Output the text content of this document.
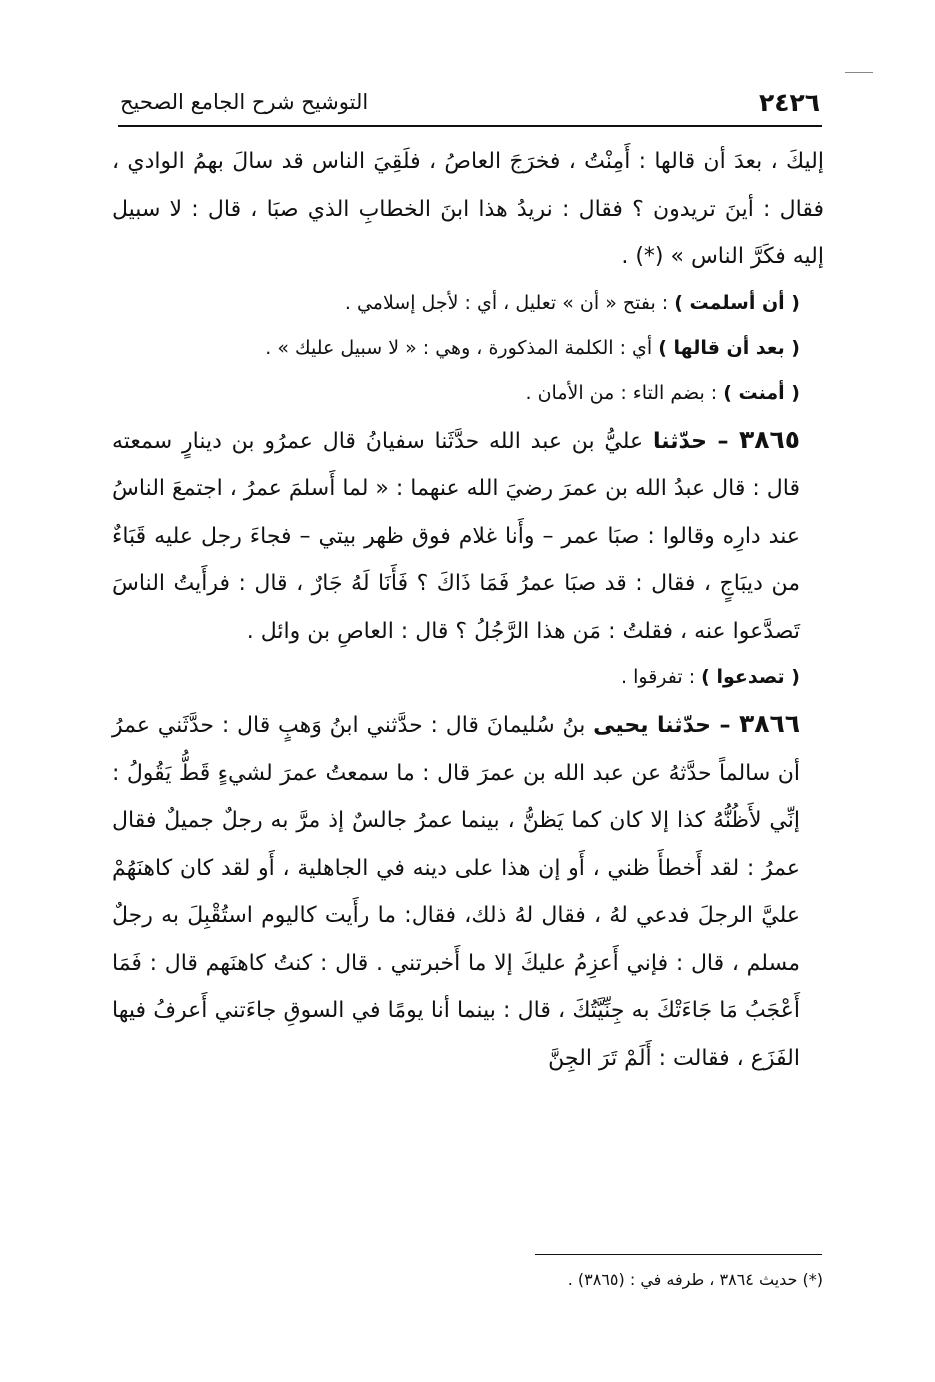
٢٤٢٦
التوشيح شرح الجامع الصحيح

إليكَ ، بعدَ أن قالها : أَمِنْتُ ، فخرَجَ العاصُ ، فلَقِيَ الناس قد سالَ بهمُ الوادي ، فقال : أينَ تريدون ؟ فقال : نريدُ هذا ابنَ الخطابِ الذي صبَا ، قال : لا سبيل إليه فكَرَّ الناس » (*) .

( أن أسلمت ) : بفتح « أن » تعليل ، أي : لأجل إسلامي .

( بعد أن قالها ) أي : الكلمة المذكورة ، وهي : « لا سبيل عليك » .

( أمنت ) : بضم التاء : من الأمان .

٣٨٦٥ – حدّثنا عليُّ بن عبد الله حدَّثَنا سفيانُ قال عمرُو بن دينارٍ سمعته قال : قال عبدُ الله بن عمرَ رضيَ الله عنهما : « لما أَسلمَ عمرُ ، اجتمعَ الناسُ عند دارِه وقالوا : صبَا عمر – وأَنا غلام فوق ظهر بيتي – فجاءَ رجل عليه قَبَاءٌ من ديبَاجٍ ، فقال : قد صبَا عمرُ فَمَا ذَاكَ ؟ فَأَنَا لَهُ جَارٌ ، قال : فرأَيتُ الناسَ تَصدَّعوا عنه ، فقلتُ : مَن هذا الرَّجُلُ ؟ قال : العاصِ بن وائل .

( تصدعوا ) : تفرقوا .

٣٨٦٦ – حدّثنا يحيى بنُ سُليمانَ قال : حدَّثني ابنُ وَهبٍ قال : حدَّثَني عمرُ أن سالماً حدَّثهُ عن عبد الله بن عمرَ قال : ما سمعتُ عمرَ لشيءٍ قَطُّ يَقُولُ : إنِّي لأَظُنُّهُ كذا إلا كان كما يَظنُّ ، بينما عمرُ جالسٌ إذ مرَّ به رجلٌ جميلٌ فقال عمرُ : لقد أَخطأَ ظني ، أَو إن هذا على دينه في الجاهلية ، أَو لقد كان كاهنَهُمْ عليَّ الرجلَ فدعي لهُ ، فقال لهُ ذلك، فقال: ما رأَيت كاليوم استُقْبِلَ به رجلٌ مسلم ، قال : فإني أَعزِمُ عليكَ إلا ما أَخبرتني . قال : كنتُ كاهنَهم قال : فَمَا أَعْجَبُ مَا جَاءَتْكَ به جِنِّيَّتُكَ ، قال : بينما أنا يومًا في السوقِ جاءَتني أَعرفُ فيها الفَزَع ، فقالت : أَلَمْ تَرَ الجِنَّ

(*) حديث ٣٨٦٤ ، طرفه في : (٣٨٦٥) .
